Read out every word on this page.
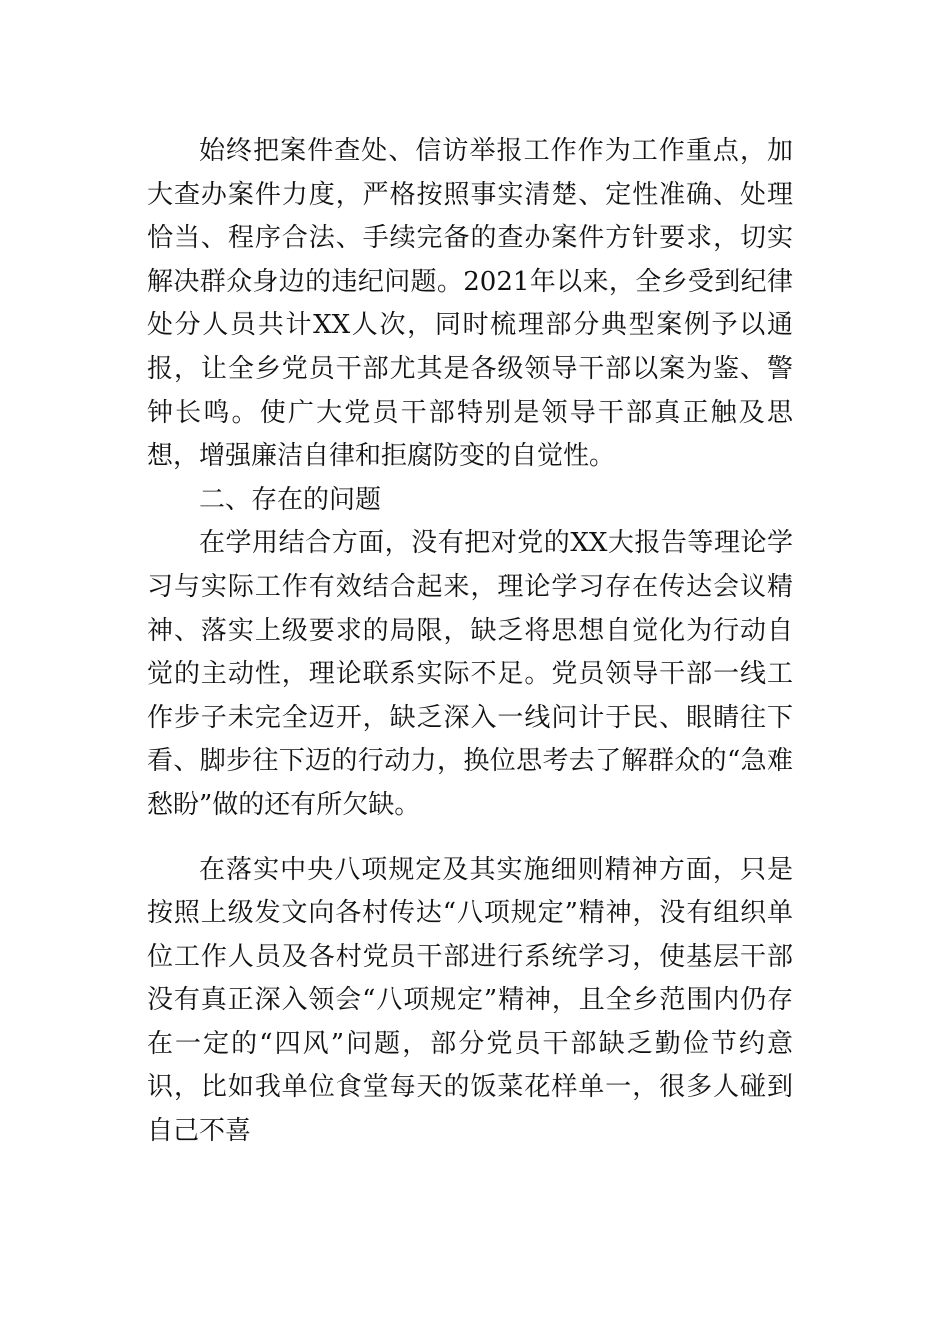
始终把案件查处、信访举报工作作为工作重点，加大查办案件力度，严格按照事实清楚、定性准确、处理恰当、程序合法、手续完备的查办案件方针要求，切实解决群众身边的违纪问题。2021年以来，全乡受到纪律处分人员共计XX人次，同时梳理部分典型案例予以通报，让全乡党员干部尤其是各级领导干部以案为鉴、警钟长鸣。使广大党员干部特别是领导干部真正触及思想，增强廉洁自律和拒腐防变的自觉性。

二、存在的问题

在学用结合方面，没有把对党的XX大报告等理论学习与实际工作有效结合起来，理论学习存在传达会议精神、落实上级要求的局限，缺乏将思想自觉化为行动自觉的主动性，理论联系实际不足。党员领导干部一线工作步子未完全迈开，缺乏深入一线问计于民、眼睛往下看、脚步往下迈的行动力，换位思考去了解群众的“急难愁盼”做的还有所欠缺。

在落实中央八项规定及其实施细则精神方面，只是按照上级发文向各村传达“八项规定”精神，没有组织单位工作人员及各村党员干部进行系统学习，使基层干部没有真正深入领会“八项规定”精神，且全乡范围内仍存在一定的“四风”问题，部分党员干部缺乏勤俭节约意识，比如我单位食堂每天的饭菜花样单一，很多人碰到自己不喜
